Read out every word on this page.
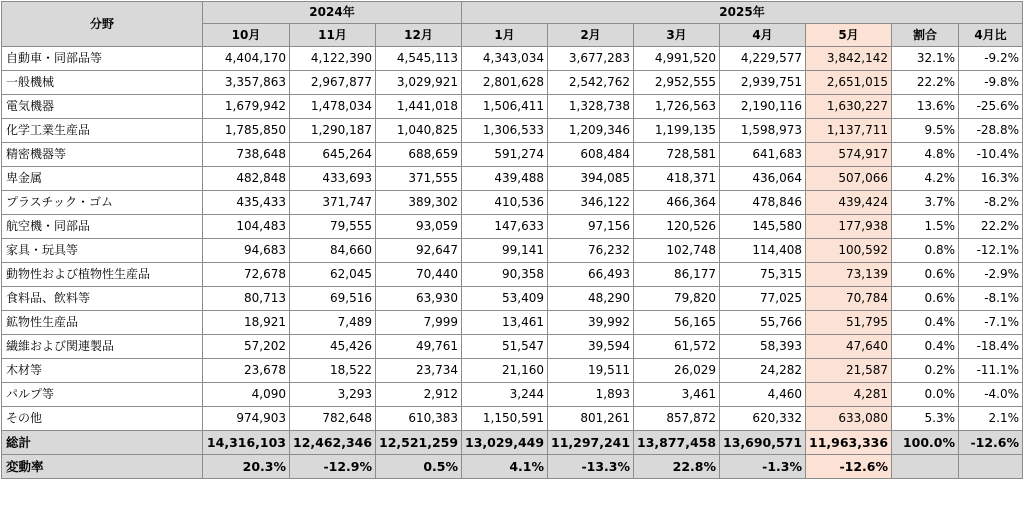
分野	2024年			2025年						
	10月	11月	12月	1月	2月	3月	4月	5月	割合	4月比
自動車・同部品等	4,404,170	4,122,390	4,545,113	4,343,034	3,677,283	4,991,520	4,229,577	3,842,142	32.1%	-9.2%
一般機械	3,357,863	2,967,877	3,029,921	2,801,628	2,542,762	2,952,555	2,939,751	2,651,015	22.2%	-9.8%
電気機器	1,679,942	1,478,034	1,441,018	1,506,411	1,328,738	1,726,563	2,190,116	1,630,227	13.6%	-25.6%
化学工業生産品	1,785,850	1,290,187	1,040,825	1,306,533	1,209,346	1,199,135	1,598,973	1,137,711	9.5%	-28.8%
精密機器等	738,648	645,264	688,659	591,274	608,484	728,581	641,683	574,917	4.8%	-10.4%
卑金属	482,848	433,693	371,555	439,488	394,085	418,371	436,064	507,066	4.2%	16.3%
プラスチック・ゴム	435,433	371,747	389,302	410,536	346,122	466,364	478,846	439,424	3.7%	-8.2%
航空機・同部品	104,483	79,555	93,059	147,633	97,156	120,526	145,580	177,938	1.5%	22.2%
家具・玩具等	94,683	84,660	92,647	99,141	76,232	102,748	114,408	100,592	0.8%	-12.1%
動物性および植物性生産品	72,678	62,045	70,440	90,358	66,493	86,177	75,315	73,139	0.6%	-2.9%
食料品、飲料等	80,713	69,516	63,930	53,409	48,290	79,820	77,025	70,784	0.6%	-8.1%
鉱物性生産品	18,921	7,489	7,999	13,461	39,992	56,165	55,766	51,795	0.4%	-7.1%
繊維および関連製品	57,202	45,426	49,761	51,547	39,594	61,572	58,393	47,640	0.4%	-18.4%
木材等	23,678	18,522	23,734	21,160	19,511	26,029	24,282	21,587	0.2%	-11.1%
パルプ等	4,090	3,293	2,912	3,244	1,893	3,461	4,460	4,281	0.0%	-4.0%
その他	974,903	782,648	610,383	1,150,591	801,261	857,872	620,332	633,080	5.3%	2.1%
総計	14,316,103	12,462,346	12,521,259	13,029,449	11,297,241	13,877,458	13,690,571	11,963,336	100.0%	-12.6%
変動率	20.3%	-12.9%	0.5%	4.1%	-13.3%	22.8%	-1.3%	-12.6%		
